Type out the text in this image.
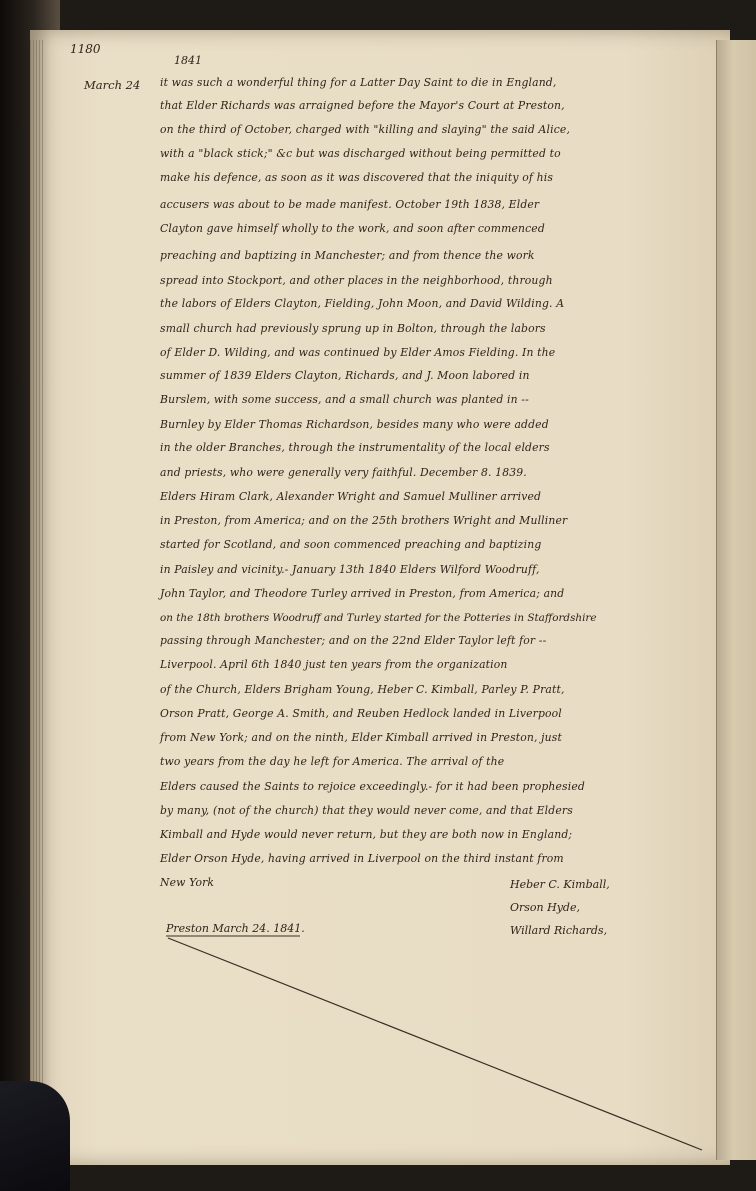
1180
1841
March 24 it was such a wonderful thing for a Latter Day Saint to die in England,
that Elder Richards was arraigned before the Mayor's Court at Preston,
on the third of October, charged with "killing and slaying" the said Alice,
with a "black stick;" &c but was discharged without being permitted to
make his defence, as soon as it was discovered that the iniquity of his
accusers was about to be made manifest. October 19th 1838, Elder
Clayton gave himself wholly to the work, and soon after commenced
preaching and baptizing in Manchester; and from thence the work
spread into Stockport, and other places in the neighborhood, through
the labors of Elders Clayton, Fielding, John Moon, and David Wilding. A
small church had previously sprung up in Bolton, through the labors
of Elder D. Wilding, and was continued by Elder Amos Fielding. In the
summer of 1839 Elders Clayton, Richards, and J. Moon labored in
Burslem, with some success, and a small church was planted in --
Burnley by Elder Thomas Richardson, besides many who were added
in the older Branches, through the instrumentality of the local elders
and priests, who were generally very faithful. December 8. 1839.
Elders Hiram Clark, Alexander Wright and Samuel Mulliner arrived
in Preston, from America; and on the 25th brothers Wright and Mulliner
started for Scotland, and soon commenced preaching and baptizing
in Paisley and vicinity.- January 13th 1840 Elders Wilford Woodruff,
John Taylor, and Theodore Turley arrived in Preston, from America; and
on the 18th brothers Woodruff and Turley started for the Potteries in Staffordshire
passing through Manchester; and on the 22nd Elder Taylor left for --
Liverpool. April 6th 1840 just ten years from the organization
of the Church, Elders Brigham Young, Heber C. Kimball, Parley P. Pratt,
Orson Pratt, George A. Smith, and Reuben Hedlock landed in Liverpool
from New York; and on the ninth, Elder Kimball arrived in Preston, just
two years from the day he left for America. The arrival of the
Elders caused the Saints to rejoice exceedingly.- for it had been prophesied
by many, (not of the church) that they would never come, and that Elders
Kimball and Hyde would never return, but they are both now in England;
Elder Orson Hyde, having arrived in Liverpool on the third instant from
New York	Heber C. Kimball,
Orson Hyde,
Willard Richards,
Preston March 24. 1841.
